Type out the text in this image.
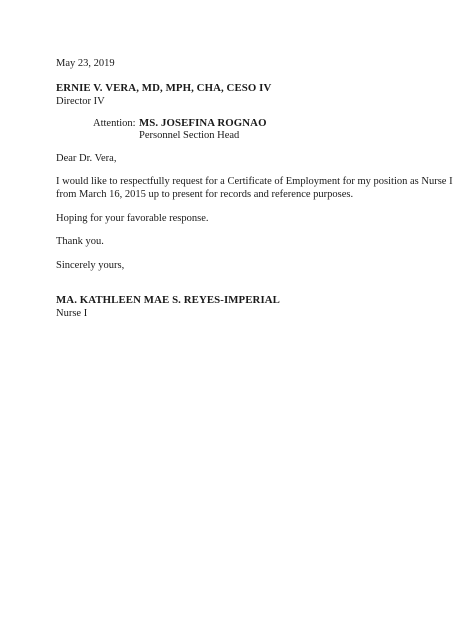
May 23, 2019
ERNIE V. VERA, MD, MPH, CHA, CESO IV
Director IV
Attention: MS. JOSEFINA ROGNAO
Personnel Section Head
Dear Dr. Vera,
I would like to respectfully request for a Certificate of Employment for my position as Nurse I
from March 16, 2015 up to present for records and reference purposes.
Hoping for your favorable response.
Thank you.
Sincerely yours,
MA. KATHLEEN MAE S. REYES-IMPERIAL
Nurse I
